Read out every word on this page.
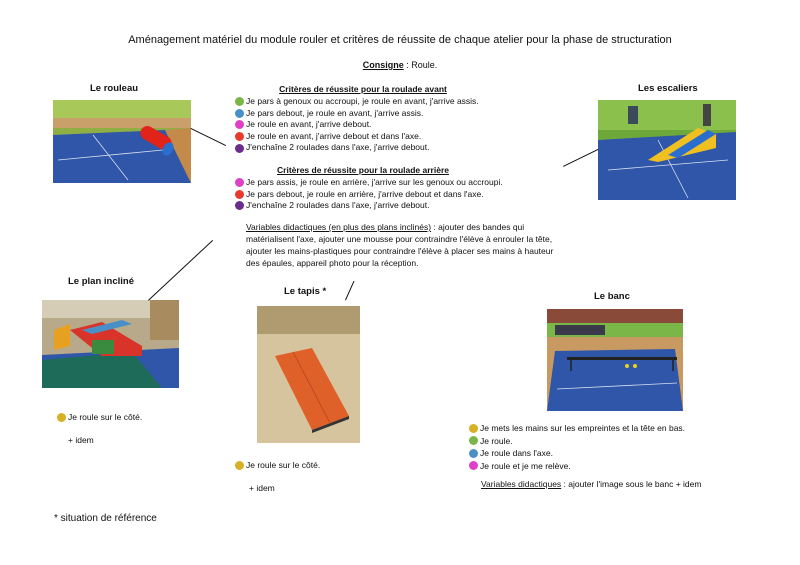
Aménagement matériel du module rouler et critères de réussite de chaque atelier pour la phase de structuration
Consigne : Roule.
Le rouleau	Les escaliers
Critères de réussite pour la roulade avant
Je pars à genoux ou accroupi, je roule en avant, j'arrive assis.
Je pars debout, je roule en avant, j'arrive assis.
Je roule en avant, j'arrive debout.
Je roule en avant, j'arrive debout et dans l'axe.
J'enchaîne 2 roulades dans l'axe, j'arrive debout.
Critères de réussite pour la roulade arrière
Je pars assis, je roule en arrière, j'arrive sur les genoux ou accroupi.
Je pars debout, je roule en arrière, j'arrive debout et dans l'axe.
J'enchaîne 2 roulades dans l'axe, j'arrive debout.
Variables didactiques (en plus des plans inclinés) : ajouter des bandes qui matérialisent l'axe, ajouter une mousse pour contraindre l'élève à enrouler la tête, ajouter les mains-plastiques pour contraindre l'élève à placer ses mains à hauteur des épaules, appareil photo pour la réception.
Le plan incliné
Je roule sur le côté.
+ idem
Le tapis *
Je roule sur le côté.
+ idem
Le banc
Je mets les mains sur les empreintes et la tête en bas.
Je roule.
Je roule dans l'axe.
Je roule et je me relève.
Variables didactiques : ajouter l'image sous le banc + idem
* situation de référence
